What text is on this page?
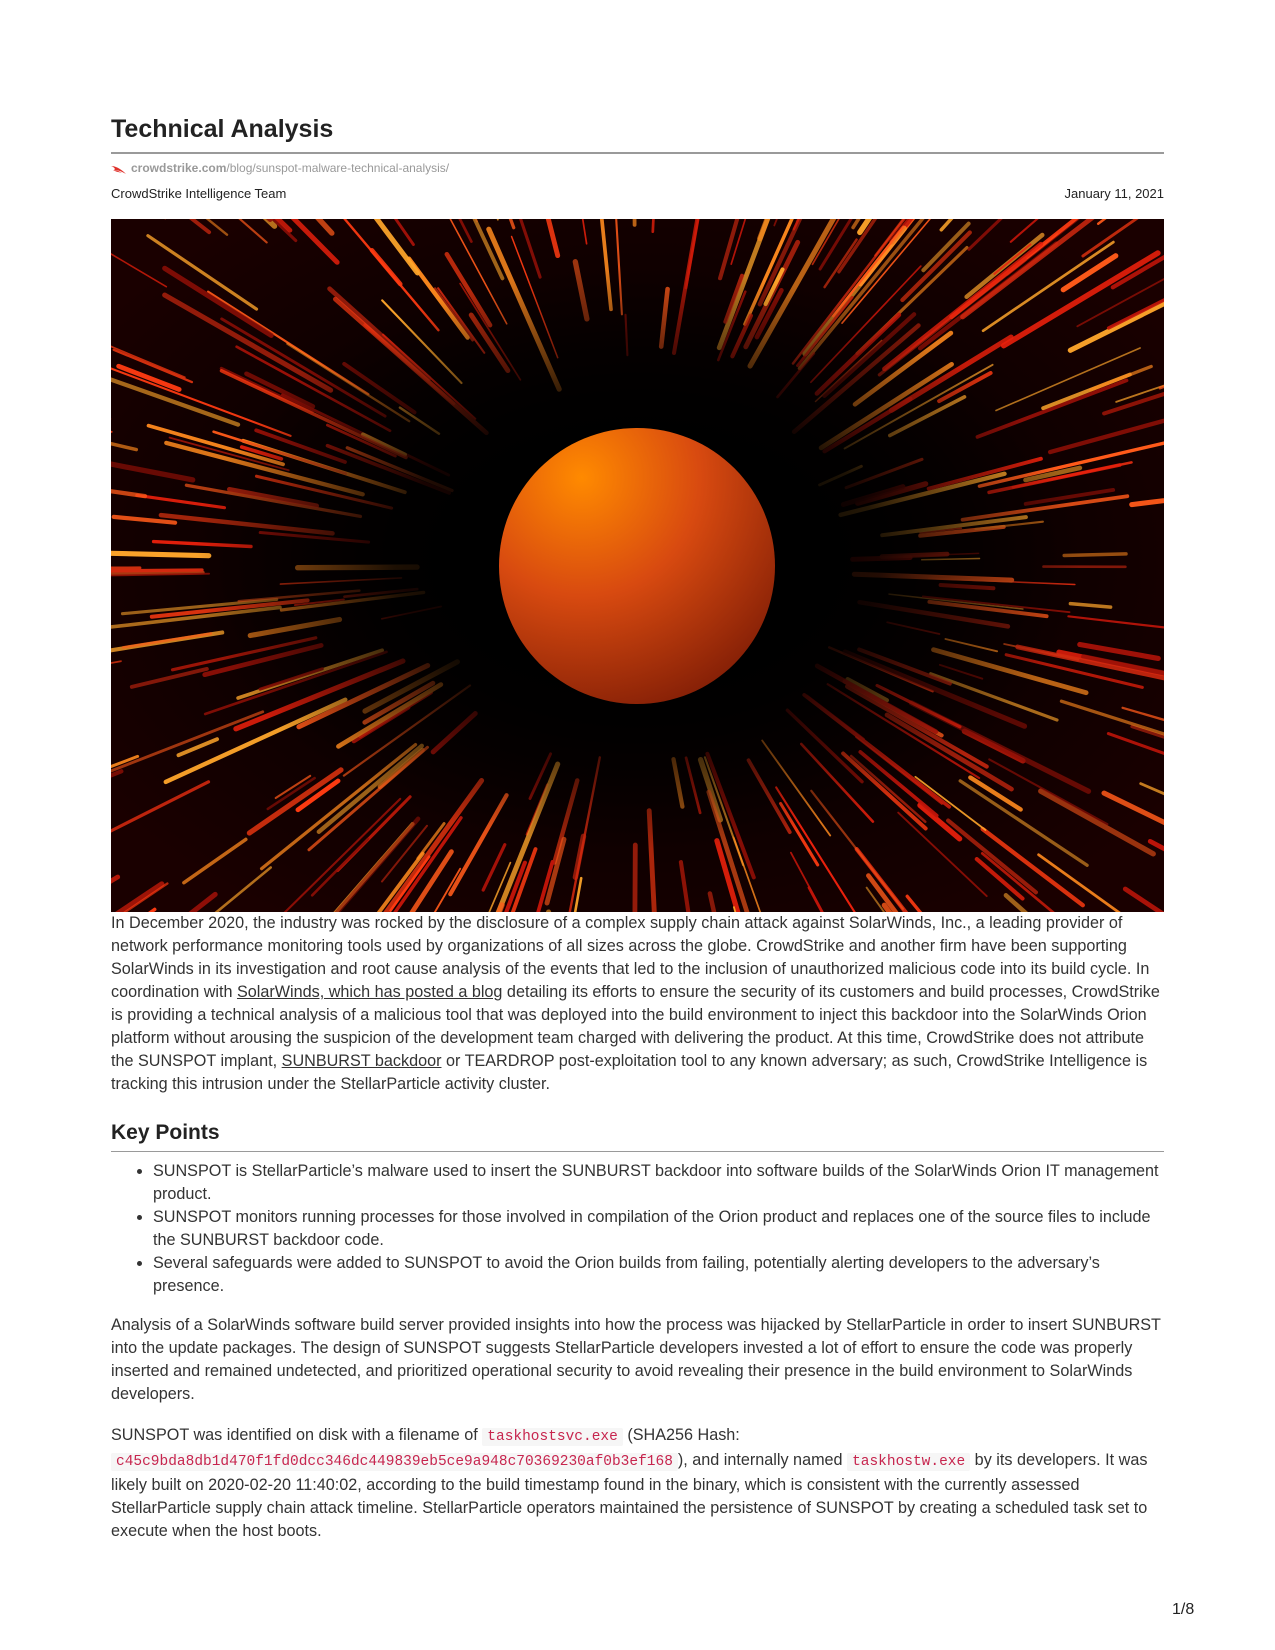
Technical Analysis
crowdstrike.com /blog/sunspot-malware-technical-analysis/
CrowdStrike Intelligence Team	January 11, 2021

In December 2020, the industry was rocked by the disclosure of a complex supply chain attack against SolarWinds, Inc., a leading provider of network performance monitoring tools used by organizations of all sizes across the globe. CrowdStrike and another firm have been supporting SolarWinds in its investigation and root cause analysis of the events that led to the inclusion of unauthorized malicious code into its build cycle. In coordination with SolarWinds, which has posted a blog detailing its efforts to ensure the security of its customers and build processes, CrowdStrike is providing a technical analysis of a malicious tool that was deployed into the build environment to inject this backdoor into the SolarWinds Orion platform without arousing the suspicion of the development team charged with delivering the product. At this time, CrowdStrike does not attribute the SUNSPOT implant, SUNBURST backdoor or TEARDROP post-exploitation tool to any known adversary; as such, CrowdStrike Intelligence is tracking this intrusion under the StellarParticle activity cluster.

Key Points
• SUNSPOT is StellarParticle’s malware used to insert the SUNBURST backdoor into software builds of the SolarWinds Orion IT management product.
• SUNSPOT monitors running processes for those involved in compilation of the Orion product and replaces one of the source files to include the SUNBURST backdoor code.
• Several safeguards were added to SUNSPOT to avoid the Orion builds from failing, potentially alerting developers to the adversary’s presence.

Analysis of a SolarWinds software build server provided insights into how the process was hijacked by StellarParticle in order to insert SUNBURST into the update packages. The design of SUNSPOT suggests StellarParticle developers invested a lot of effort to ensure the code was properly inserted and remained undetected, and prioritized operational security to avoid revealing their presence in the build environment to SolarWinds developers.

SUNSPOT was identified on disk with a filename of taskhostsvc.exe (SHA256 Hash: c45c9bda8db1d470f1fd0dcc346dc449839eb5ce9a948c70369230af0b3ef168 ), and internally named taskhostw.exe by its developers. It was likely built on 2020-02-20 11:40:02, according to the build timestamp found in the binary, which is consistent with the currently assessed StellarParticle supply chain attack timeline. StellarParticle operators maintained the persistence of SUNSPOT by creating a scheduled task set to execute when the host boots.

1/8
